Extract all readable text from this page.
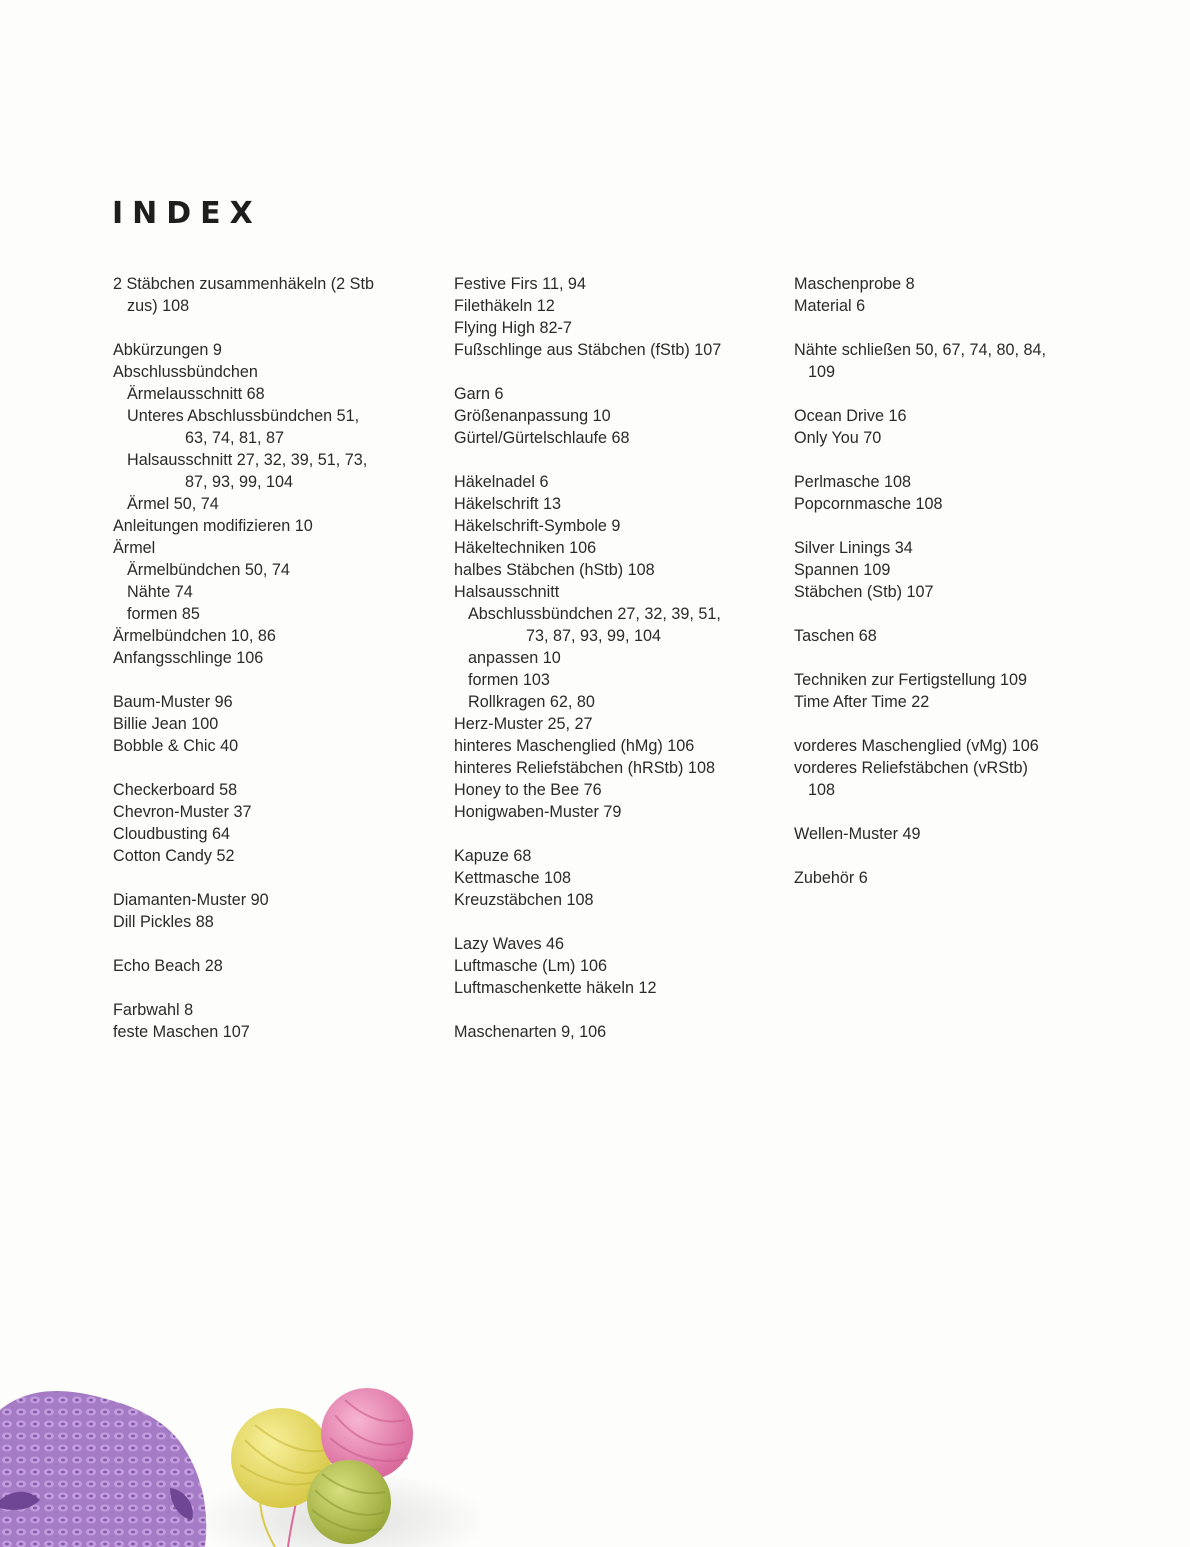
INDEX
2 Stäbchen zusammenhäkeln (2 Stb
zus) 108
Abkürzungen 9
Abschlussbündchen
Ärmelausschnitt 68
Unteres Abschlussbündchen 51,
63, 74, 81, 87
Halsausschnitt 27, 32, 39, 51, 73,
87, 93, 99, 104
Ärmel 50, 74
Anleitungen modifizieren 10
Ärmel
Ärmelbündchen 50, 74
Nähte 74
formen 85
Ärmelbündchen 10, 86
Anfangsschlinge 106
Baum-Muster 96
Billie Jean 100
Bobble & Chic 40
Checkerboard 58
Chevron-Muster 37
Cloudbusting 64
Cotton Candy 52
Diamanten-Muster 90
Dill Pickles 88
Echo Beach 28
Farbwahl 8
feste Maschen 107
Festive Firs 11, 94
Filethäkeln 12
Flying High 82-7
Fußschlinge aus Stäbchen (fStb) 107
Garn 6
Größenanpassung 10
Gürtel/Gürtelschlaufe 68
Häkelnadel 6
Häkelschrift 13
Häkelschrift-Symbole 9
Häkeltechniken 106
halbes Stäbchen (hStb) 108
Halsausschnitt
Abschlussbündchen 27, 32, 39, 51,
73, 87, 93, 99, 104
anpassen 10
formen 103
Rollkragen 62, 80
Herz-Muster 25, 27
hinteres Maschenglied (hMg) 106
hinteres Reliefstäbchen (hRStb) 108
Honey to the Bee 76
Honigwaben-Muster 79
Kapuze 68
Kettmasche 108
Kreuzstäbchen 108
Lazy Waves 46
Luftmasche (Lm) 106
Luftmaschenkette häkeln 12
Maschenarten 9, 106
Maschenprobe 8
Material 6
Nähte schließen 50, 67, 74, 80, 84,
109
Ocean Drive 16
Only You 70
Perlmasche 108
Popcornmasche 108
Silver Linings 34
Spannen 109
Stäbchen (Stb) 107
Taschen 68
Techniken zur Fertigstellung 109
Time After Time 22
vorderes Maschenglied (vMg) 106
vorderes Reliefstäbchen (vRStb)
108
Wellen-Muster 49
Zubehör 6
